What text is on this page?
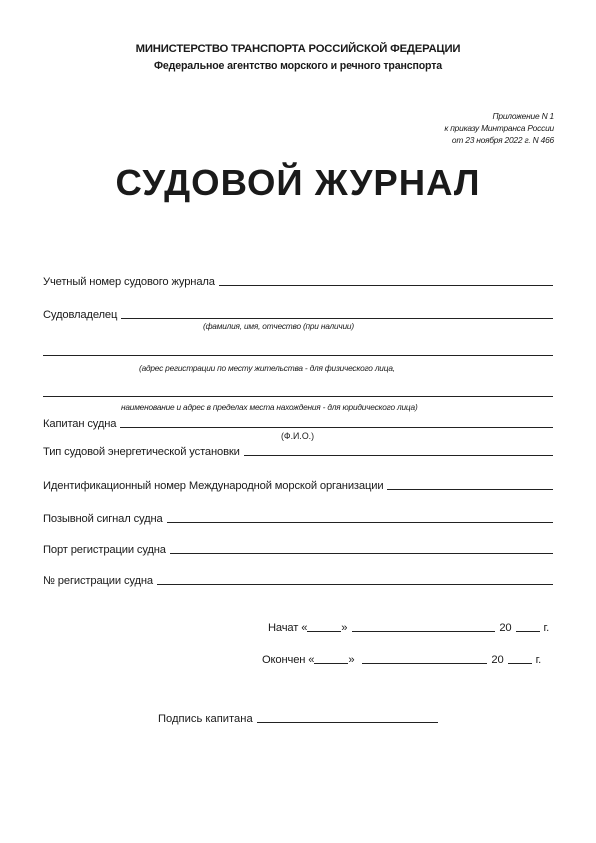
МИНИСТЕРСТВО ТРАНСПОРТА РОССИЙСКОЙ ФЕДЕРАЦИИ
Федеральное агентство морского и речного транспорта
Приложение N 1
к приказу Минтранса России
от 23 ноября 2022 г. N 466
СУДОВОЙ ЖУРНАЛ
Учетный номер судового журнала
Судовладелец
(фамилия, имя, отчество (при наличии)
(адрес регистрации по месту жительства - для физического лица,
наименование и адрес в пределах места нахождения - для юридического лица)
Капитан судна
(Ф.И.О.)
Тип судовой энергетической установки
Идентификационный номер Международной морской организации
Позывной сигнал судна
Порт регистрации судна
№ регистрации судна
Начат «	»	20	г.
Окончен «	»	20	г.
Подпись капитана
